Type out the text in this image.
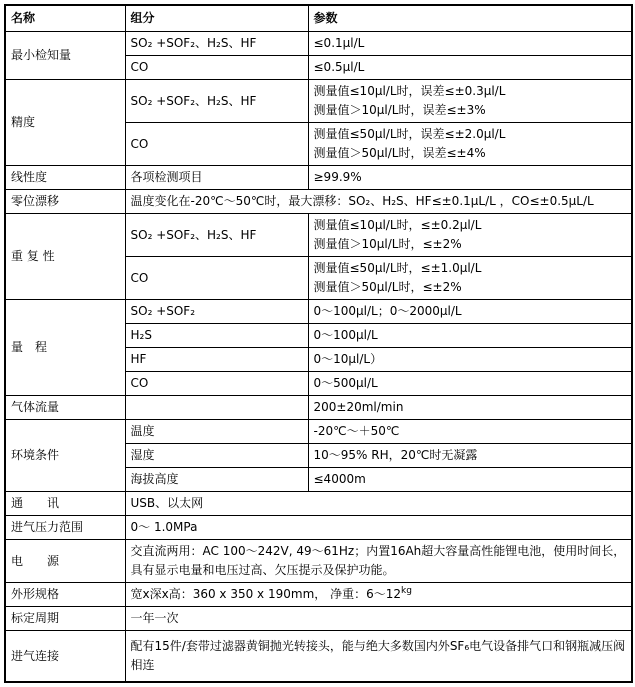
名称	组分	参数
最小检知量	SO₂ +SOF₂、H₂S、HF	≤0.1μl/L
	CO	≤0.5μl/L
精度	SO₂ +SOF₂、H₂S、HF	测量值≤10μl/L时，误差≤±0.3μl/L
测量值＞10μl/L时，误差≤±3%

	CO	测量值≤50μl/L时，误差≤±2.0μl/L
测量值＞50μl/L时，误差≤±4%

线性度	各项检测项目	≥99.9%
零位漂移	温度变化在-20℃～50℃时，最大漂移：SO₂、H₂S、HF≤±0.1μL/L ，CO≤±0.5μL/L	
重 复 性	SO₂ +SOF₂、H₂S、HF	测量值≤10μl/L时，≤±0.2μl/L
测量值＞10μl/L时，≤±2%

	CO	测量值≤50μl/L时，≤±1.0μl/L
测量值＞50μl/L时，≤±2%

量　程	SO₂ +SOF₂	0～100μl/L；0～2000μl/L
	H₂S	0～100μl/L
	HF	0～10μl/L）
	CO	0～500μl/L
气体流量		200±20ml/min
环境条件	温度	-20℃～＋50℃
	湿度	10～95% RH，20℃时无凝露
	海拔高度	≤4000m
通　　讯	USB、以太网	
进气压力范围	0～ 1.0MPa	
电　　源	交直流两用：AC 100～242V, 49～61Hz；内置16Ah超大容量高性能锂电池，使用时间长，具有显示电量和电压过高、欠压提示及保护功能。	
外形规格	宽x深x高：360 x 350 x 190mm， 净重：$6\sim 12^{kg}$
标定周期	一年一次	
进气连接	配有15件/套带过滤器黄铜抛光转接头，能与绝大多数国内外SF₆电气设备排气口和钢瓶减压阀相连	
